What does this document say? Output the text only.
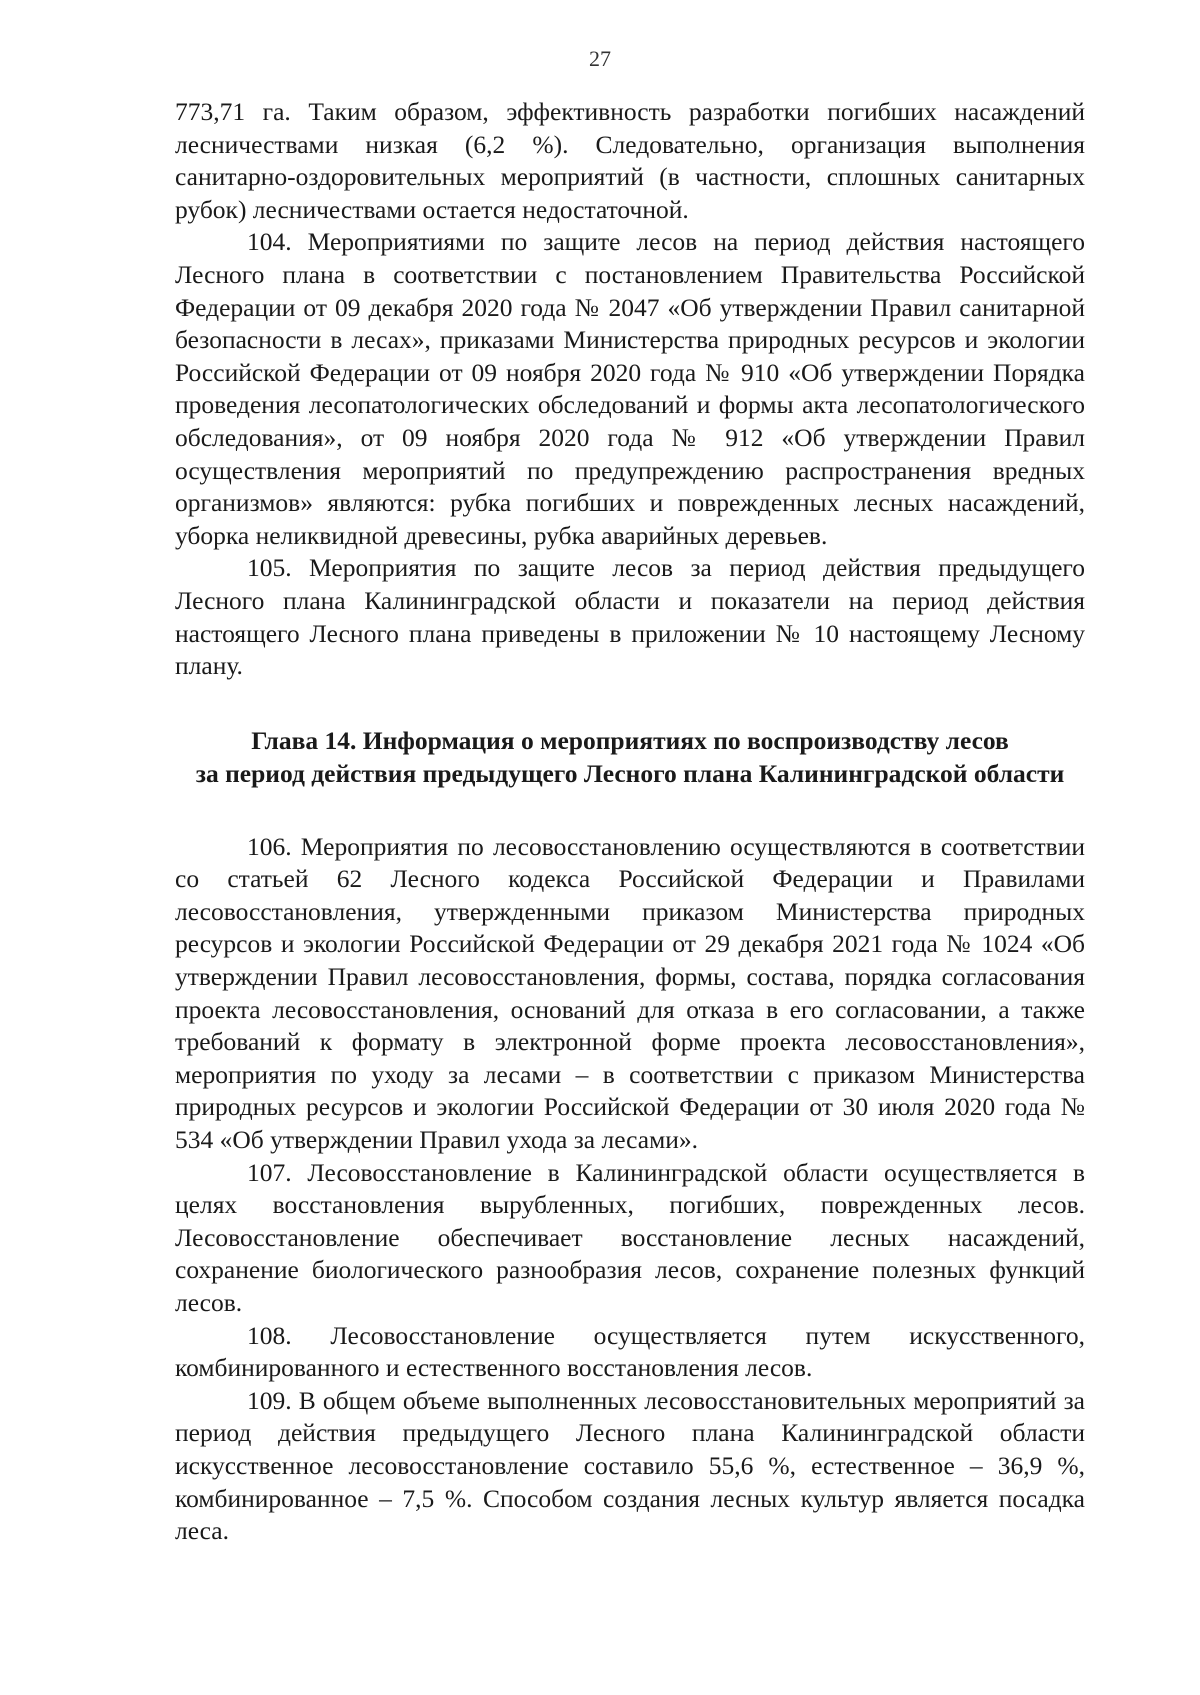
27

773,71 га. Таким образом, эффективность разработки погибших насаждений лесничествами низкая (6,2 %). Следовательно, организация выполнения санитарно-оздоровительных мероприятий (в частности, сплошных санитарных рубок) лесничествами остается недостаточной.

104. Мероприятиями по защите лесов на период действия настоящего Лесного плана в соответствии с постановлением Правительства Российской Федерации от 09 декабря 2020 года № 2047 «Об утверждении Правил санитарной безопасности в лесах», приказами Министерства природных ресурсов и экологии Российской Федерации от 09 ноября 2020 года № 910 «Об утверждении Порядка проведения лесопатологических обследований и формы акта лесопатологического обследования», от 09 ноября 2020 года № 912 «Об утверждении Правил осуществления мероприятий по предупреждению распространения вредных организмов» являются: рубка погибших и поврежденных лесных насаждений, уборка неликвидной древесины, рубка аварийных деревьев.

105. Мероприятия по защите лесов за период действия предыдущего Лесного плана Калининградской области и показатели на период действия настоящего Лесного плана приведены в приложении № 10 настоящему Лесному плану.

Глава 14. Информация о мероприятиях по воспроизводству лесов
за период действия предыдущего Лесного плана Калининградской области

106. Мероприятия по лесовосстановлению осуществляются в соответствии со статьей 62 Лесного кодекса Российской Федерации и Правилами лесовосстановления, утвержденными приказом Министерства природных ресурсов и экологии Российской Федерации от 29 декабря 2021 года № 1024 «Об утверждении Правил лесовосстановления, формы, состава, порядка согласования проекта лесовосстановления, оснований для отказа в его согласовании, а также требований к формату в электронной форме проекта лесовосстановления», мероприятия по уходу за лесами – в соответствии с приказом Министерства природных ресурсов и экологии Российской Федерации от 30 июля 2020 года № 534 «Об утверждении Правил ухода за лесами».

107. Лесовосстановление в Калининградской области осуществляется в целях восстановления вырубленных, погибших, поврежденных лесов. Лесовосстановление обеспечивает восстановление лесных насаждений, сохранение биологического разнообразия лесов, сохранение полезных функций лесов.

108. Лесовосстановление осуществляется путем искусственного, комбинированного и естественного восстановления лесов.

109. В общем объеме выполненных лесовосстановительных мероприятий за период действия предыдущего Лесного плана Калининградской области искусственное лесовосстановление составило 55,6 %, естественное – 36,9 %, комбинированное – 7,5 %. Способом создания лесных культур является посадка леса.
